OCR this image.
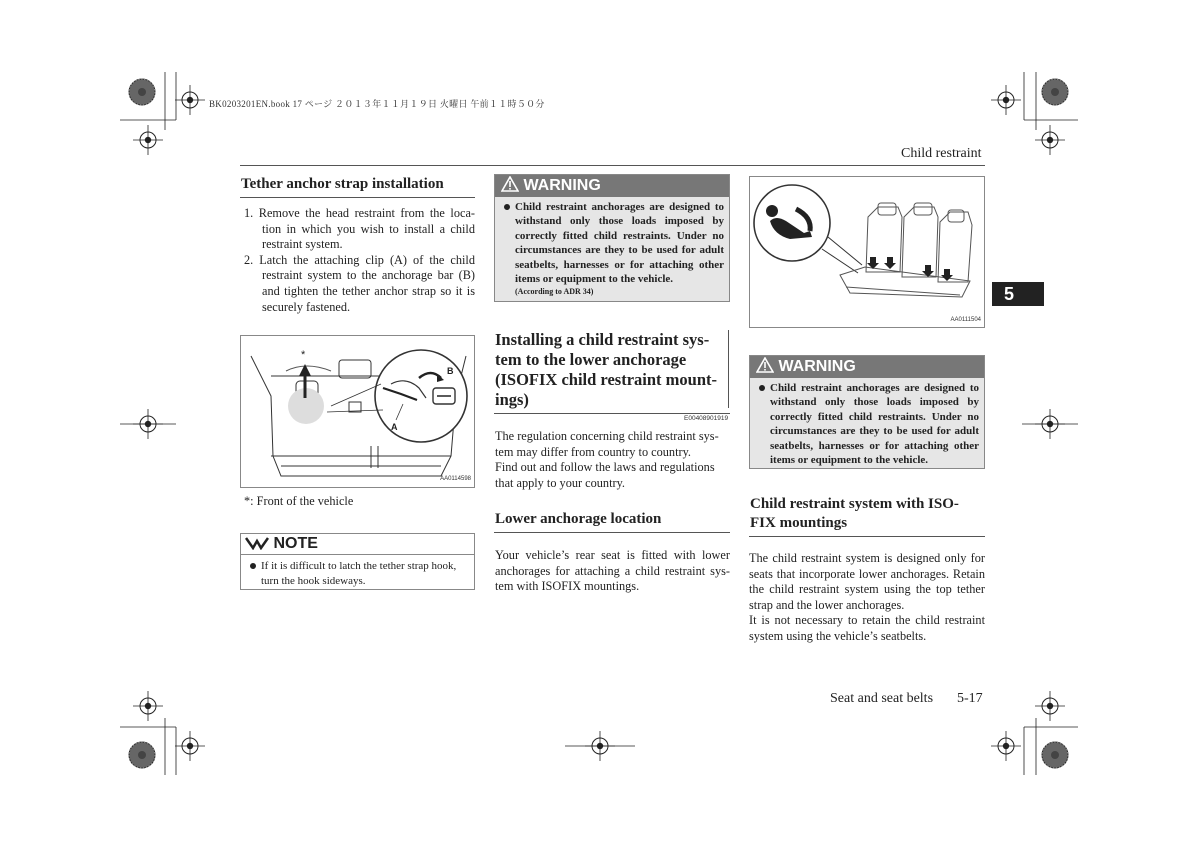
BK0203201EN.book 17 ページ ２０１３年１１月１９日 火曜日 午前１１時５０分
Child restraint
5
Tether anchor strap installation
1. Remove the head restraint from the loca-tion in which you wish to install a child restraint system.
2. Latch the attaching clip (A) of the child restraint system to the anchorage bar (B) and tighten the tether anchor strap so it is securely fastened.
*
A
B
AA0114598
*: Front of the vehicle
NOTE
If it is difficult to latch the tether strap hook, turn the hook sideways.
WARNING
Child restraint anchorages are designed to withstand only those loads imposed by correctly fitted child restraints. Under no circumstances are they to be used for adult seatbelts, harnesses or for attaching other items or equipment to the vehicle.
(According to ADR 34)
Installing a child restraint sys-tem to the lower anchorage (ISOFIX child restraint mount-ings)
E00408901919
The regulation concerning child restraint sys-tem may differ from country to country.
Find out and follow the laws and regulations that apply to your country.
Lower anchorage location
Your vehicle’s rear seat is fitted with lower anchorages for attaching a child restraint sys-tem with ISOFIX mountings.
AA0111504
WARNING
Child restraint anchorages are designed to withstand only those loads imposed by correctly fitted child restraints. Under no circumstances are they to be used for adult seatbelts, harnesses or for attaching other items or equipment to the vehicle.
Child restraint system with ISO-FIX mountings
The child restraint system is designed only for seats that incorporate lower anchorages. Retain the child restraint system using the top tether strap and the lower anchorages.
It is not necessary to retain the child restraint system using the vehicle’s seatbelts.
Seat and seat belts 5-17
